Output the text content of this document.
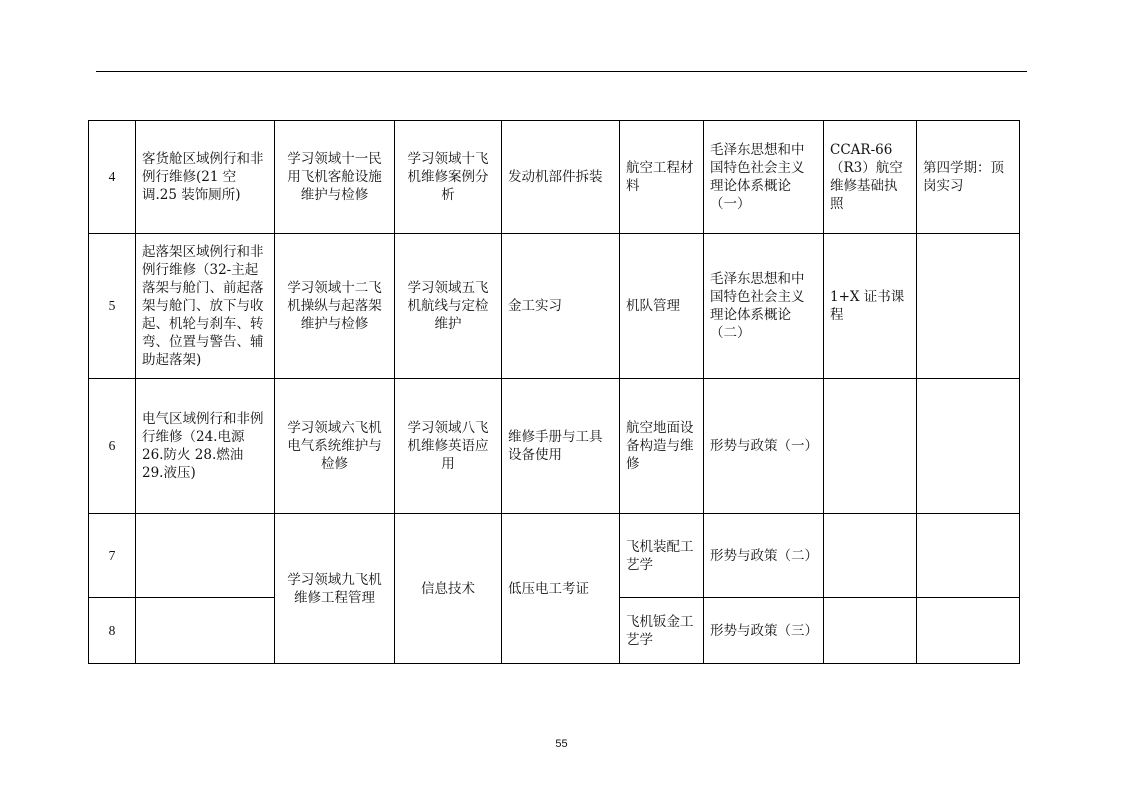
4	客货舱区域例行和非例行维修(21 空调.25 装饰厕所)	学习领域十一民用飞机客舱设施维护与检修	学习领域十飞机维修案例分析	发动机部件拆装	航空工程材料	毛泽东思想和中国特色社会主义理论体系概论（一）	CCAR-66（R3）航空维修基础执照	第四学期：顶岗实习
5	起落架区域例行和非例行维修（32-主起落架与舱门、前起落架与舱门、放下与收起、机轮与刹车、转弯、位置与警告、辅助起落架)	学习领域十二飞机操纵与起落架维护与检修	学习领域五飞机航线与定检维护	金工实习	机队管理	毛泽东思想和中国特色社会主义理论体系概论（二）	1+X 证书课程	
6	电气区域例行和非例行维修（24.电源 26.防火 28.燃油 29.液压)	学习领域六飞机电气系统维护与检修	学习领域八飞机维修英语应用	维修手册与工具设备使用	航空地面设备构造与维修	形势与政策（一）		
7		学习领域九飞机维修工程管理	信息技术	低压电工考证	飞机装配工艺学	形势与政策（二）		
8					飞机钣金工艺学	形势与政策（三）		
55
